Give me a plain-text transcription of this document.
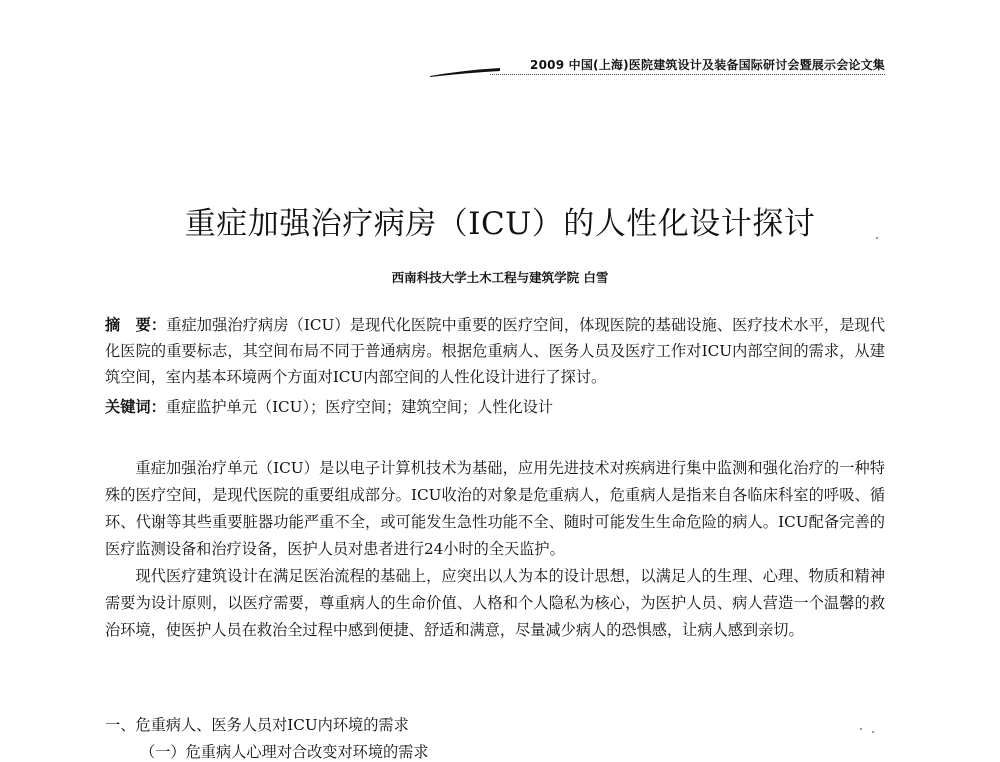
2009 中国(上海)医院建筑设计及装备国际研讨会暨展示会论文集
重症加强治疗病房（ICU）的人性化设计探讨

西南科技大学土木工程与建筑学院 白雪

摘　要：重症加强治疗病房（ICU）是现代化医院中重要的医疗空间，体现医院的基础设施、医疗技术水平，是现代化医院的重要标志，其空间布局不同于普通病房。根据危重病人、医务人员及医疗工作对ICU内部空间的需求，从建筑空间，室内基本环境两个方面对ICU内部空间的人性化设计进行了探讨。

关键词：重症监护单元（ICU）；医疗空间；建筑空间；人性化设计

重症加强治疗单元（ICU）是以电子计算机技术为基础，应用先进技术对疾病进行集中监测和强化治疗的一种特殊的医疗空间，是现代医院的重要组成部分。ICU收治的对象是危重病人，危重病人是指来自各临床科室的呼吸、循环、代谢等其些重要脏器功能严重不全，或可能发生急性功能不全、随时可能发生生命危险的病人。ICU配备完善的医疗监测设备和治疗设备，医护人员对患者进行24小时的全天监护。

现代医疗建筑设计在满足医治流程的基础上，应突出以人为本的设计思想，以满足人的生理、心理、物质和精神需要为设计原则，以医疗需要，尊重病人的生命价值、人格和个人隐私为核心，为医护人员、病人营造一个温馨的救治环境，使医护人员在救治全过程中感到便捷、舒适和满意，尽量减少病人的恐惧感，让病人感到亲切。

一、危重病人、医务人员对ICU内环境的需求

（一）危重病人心理对合改变对环境的需求
